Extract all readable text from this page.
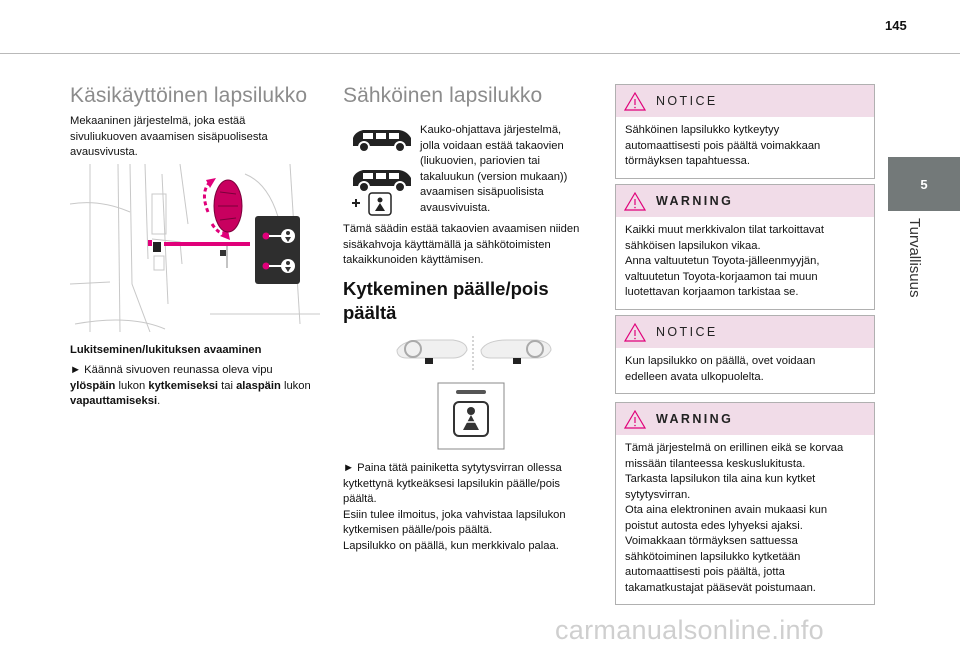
145
5
Turvallisuus
Käsikäyttöinen lapsilukko
Mekaaninen järjestelmä, joka estää
sivuliukuoven avaamisen sisäpuolisesta
avausvivusta.
Lukitseminen/lukituksen avaaminen
► Käännä sivuoven reunassa oleva vipu
ylöspäin lukon kytkemiseksi tai alaspäin lukon
vapauttamiseksi.
Sähköinen lapsilukko
Kauko-ohjattava järjestelmä,
jolla voidaan estää takaovien
(liukuovien, pariovien tai
takaluukun (version mukaan))
avaamisen sisäpuolisista
avausvivuista.
Tämä säädin estää takaovien avaamisen niiden
sisäkahvoja käyttämällä ja sähkötoimisten
takaikkunoiden käyttämisen.
Kytkeminen päälle/pois
päältä
► Paina tätä painiketta sytytysvirran ollessa
kytkettynä kytkeäksesi lapsilukin päälle/pois
päältä.
Esiin tulee ilmoitus, joka vahvistaa lapsilukon
kytkemisen päälle/pois päältä.
Lapsilukko on päällä, kun merkkivalo palaa.
NOTICE
Sähköinen lapsilukko kytkeytyy
automaattisesti pois päältä voimakkaan
törmäyksen tapahtuessa.
WARNING
Kaikki muut merkkivalon tilat tarkoittavat
sähköisen lapsilukon vikaa.
Anna valtuutetun Toyota-jälleenmyyjän,
valtuutetun Toyota-korjaamon tai muun
luotettavan korjaamon tarkistaa se.
NOTICE
Kun lapsilukko on päällä, ovet voidaan
edelleen avata ulkopuolelta.
WARNING
Tämä järjestelmä on erillinen eikä se korvaa
missään tilanteessa keskuslukitusta.
Tarkasta lapsilukon tila aina kun kytket
sytytysvirran.
Ota aina elektroninen avain mukaasi kun
poistut autosta edes lyhyeksi ajaksi.
Voimakkaan törmäyksen sattuessa
sähkötoiminen lapsilukko kytketään
automaattisesti pois päältä, jotta
takamatkustajat pääsevät poistumaan.
carmanualsonline.info
